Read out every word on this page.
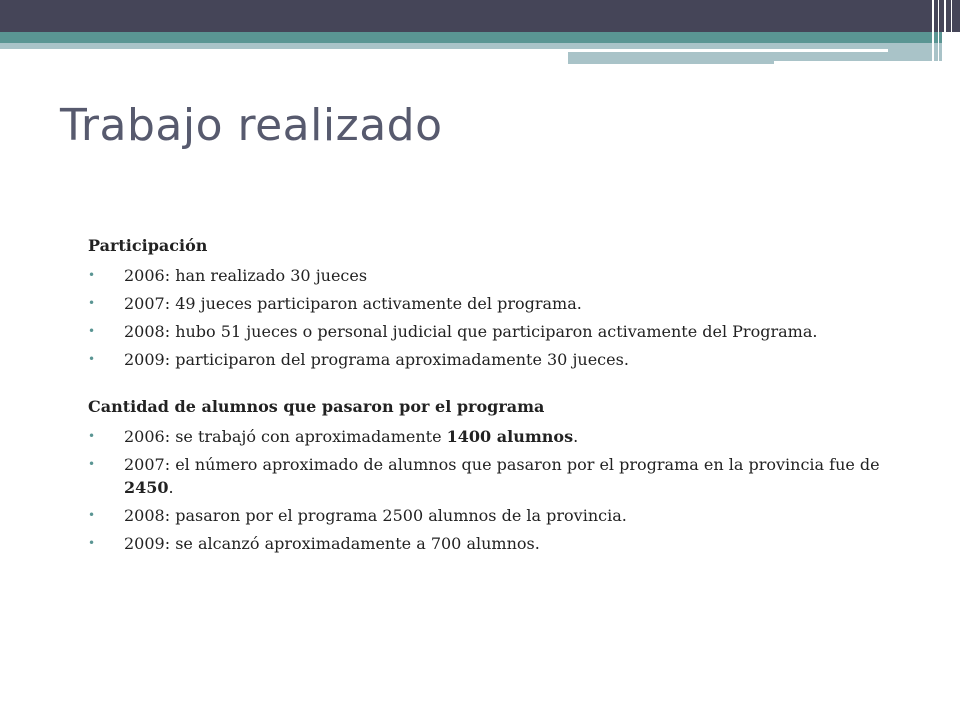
Trabajo realizado
Participación
• 2006: han realizado 30 jueces
• 2007: 49 jueces participaron activamente del programa.
• 2008: hubo 51 jueces o personal judicial que participaron activamente del Programa.
• 2009: participaron del programa aproximadamente 30 jueces.
Cantidad de alumnos que pasaron por el programa
• 2006: se trabajó con aproximadamente 1400 alumnos.
• 2007: el número aproximado de alumnos que pasaron por el programa en la provincia fue de 2450.
• 2008: pasaron por el programa 2500 alumnos de la provincia.
• 2009: se alcanzó aproximadamente a 700 alumnos.
